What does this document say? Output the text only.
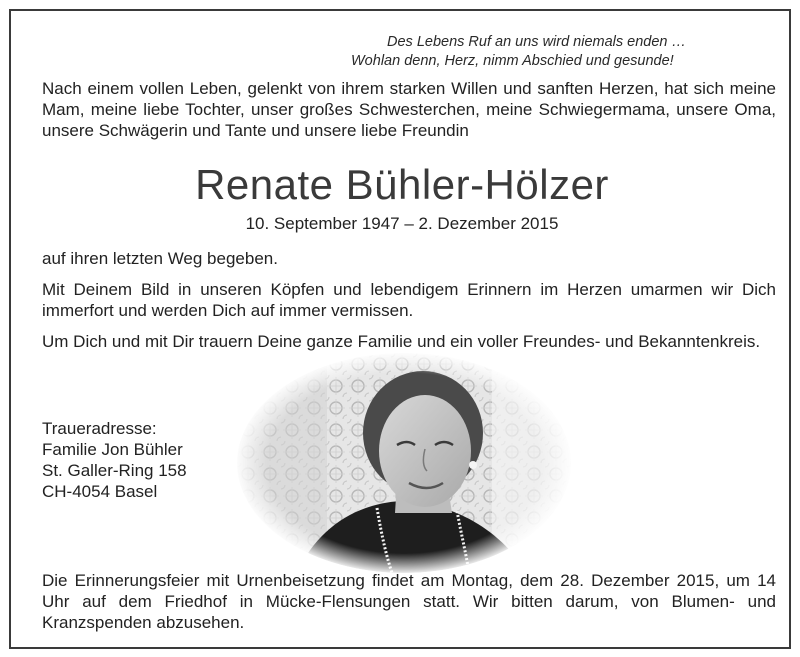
Des Lebens Ruf an uns wird niemals enden …
Wohlan denn, Herz, nimm Abschied und gesunde!

Nach einem vollen Leben, gelenkt von ihrem starken Willen und sanften Herzen, hat sich meine Mam, meine liebe Tochter, unser großes Schwesterchen, meine Schwiegermama, unsere Oma, unsere Schwägerin und Tante und unsere liebe Freundin

Renate Bühler-Hölzer
10. September 1947 – 2. Dezember 2015

auf ihren letzten Weg begeben.

Mit Deinem Bild in unseren Köpfen und lebendigem Erinnern im Herzen umarmen wir Dich immerfort und werden Dich auf immer vermissen.

Um Dich und mit Dir trauern Deine ganze Familie und ein voller Freundes- und Bekanntenkreis.

Traueradresse:
Familie Jon Bühler
St. Galler-Ring 158
CH-4054 Basel

Die Erinnerungsfeier mit Urnenbeisetzung findet am Montag, dem 28. Dezember 2015, um 14 Uhr auf dem Friedhof in Mücke-Flensungen statt. Wir bitten darum, von Blumen- und Kranzspenden abzusehen.
